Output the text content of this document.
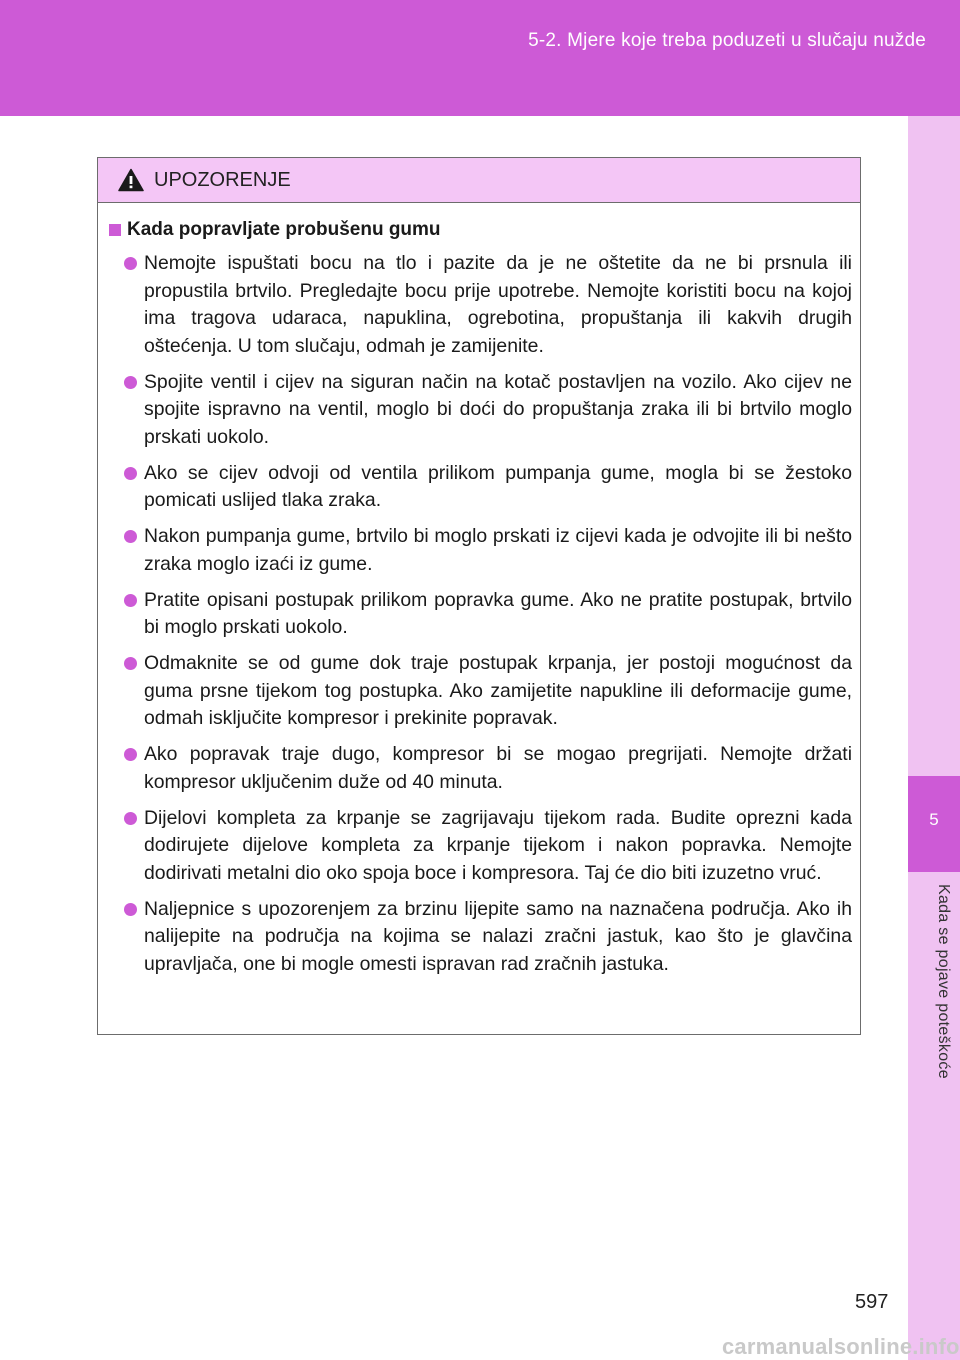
5-2. Mjere koje treba poduzeti u slučaju nužde
5
Kada se pojave poteškoće
UPOZORENJE
Kada popravljate probušenu gumu
Nemojte ispuštati bocu na tlo i pazite da je ne oštetite da ne bi prsnula ili propustila brtvilo. Pregledajte bocu prije upotrebe. Nemojte koristiti bocu na kojoj ima tragova udaraca, napuklina, ogrebotina, propuštanja ili kakvih drugih oštećenja. U tom slučaju, odmah je zamijenite.
Spojite ventil i cijev na siguran način na kotač postavljen na vozilo. Ako cijev ne spojite ispravno na ventil, moglo bi doći do propuštanja zraka ili bi brtvilo moglo prskati uokolo.
Ako se cijev odvoji od ventila prilikom pumpanja gume, mogla bi se žestoko pomicati uslijed tlaka zraka.
Nakon pumpanja gume, brtvilo bi moglo prskati iz cijevi kada je odvojite ili bi nešto zraka moglo izaći iz gume.
Pratite opisani postupak prilikom popravka gume. Ako ne pratite postupak, brtvilo bi moglo prskati uokolo.
Odmaknite se od gume dok traje postupak krpanja, jer postoji mogućnost da guma prsne tijekom tog postupka. Ako zamijetite napukline ili deformacije gume, odmah isključite kompresor i prekinite popravak.
Ako popravak traje dugo, kompresor bi se mogao pregrijati. Nemojte držati kompresor uključenim duže od 40 minuta.
Dijelovi kompleta za krpanje se zagrijavaju tijekom rada. Budite oprezni kada dodirujete dijelove kompleta za krpanje tijekom i nakon popravka. Nemojte dodirivati metalni dio oko spoja boce i kompresora. Taj će dio biti izuzetno vruć.
Naljepnice s upozorenjem za brzinu lijepite samo na naznačena područja. Ako ih nalijepite na područja na kojima se nalazi zračni jastuk, kao što je glavčina upravljača, one bi mogle omesti ispravan rad zračnih jastuka.
597
carmanualsonline.info
